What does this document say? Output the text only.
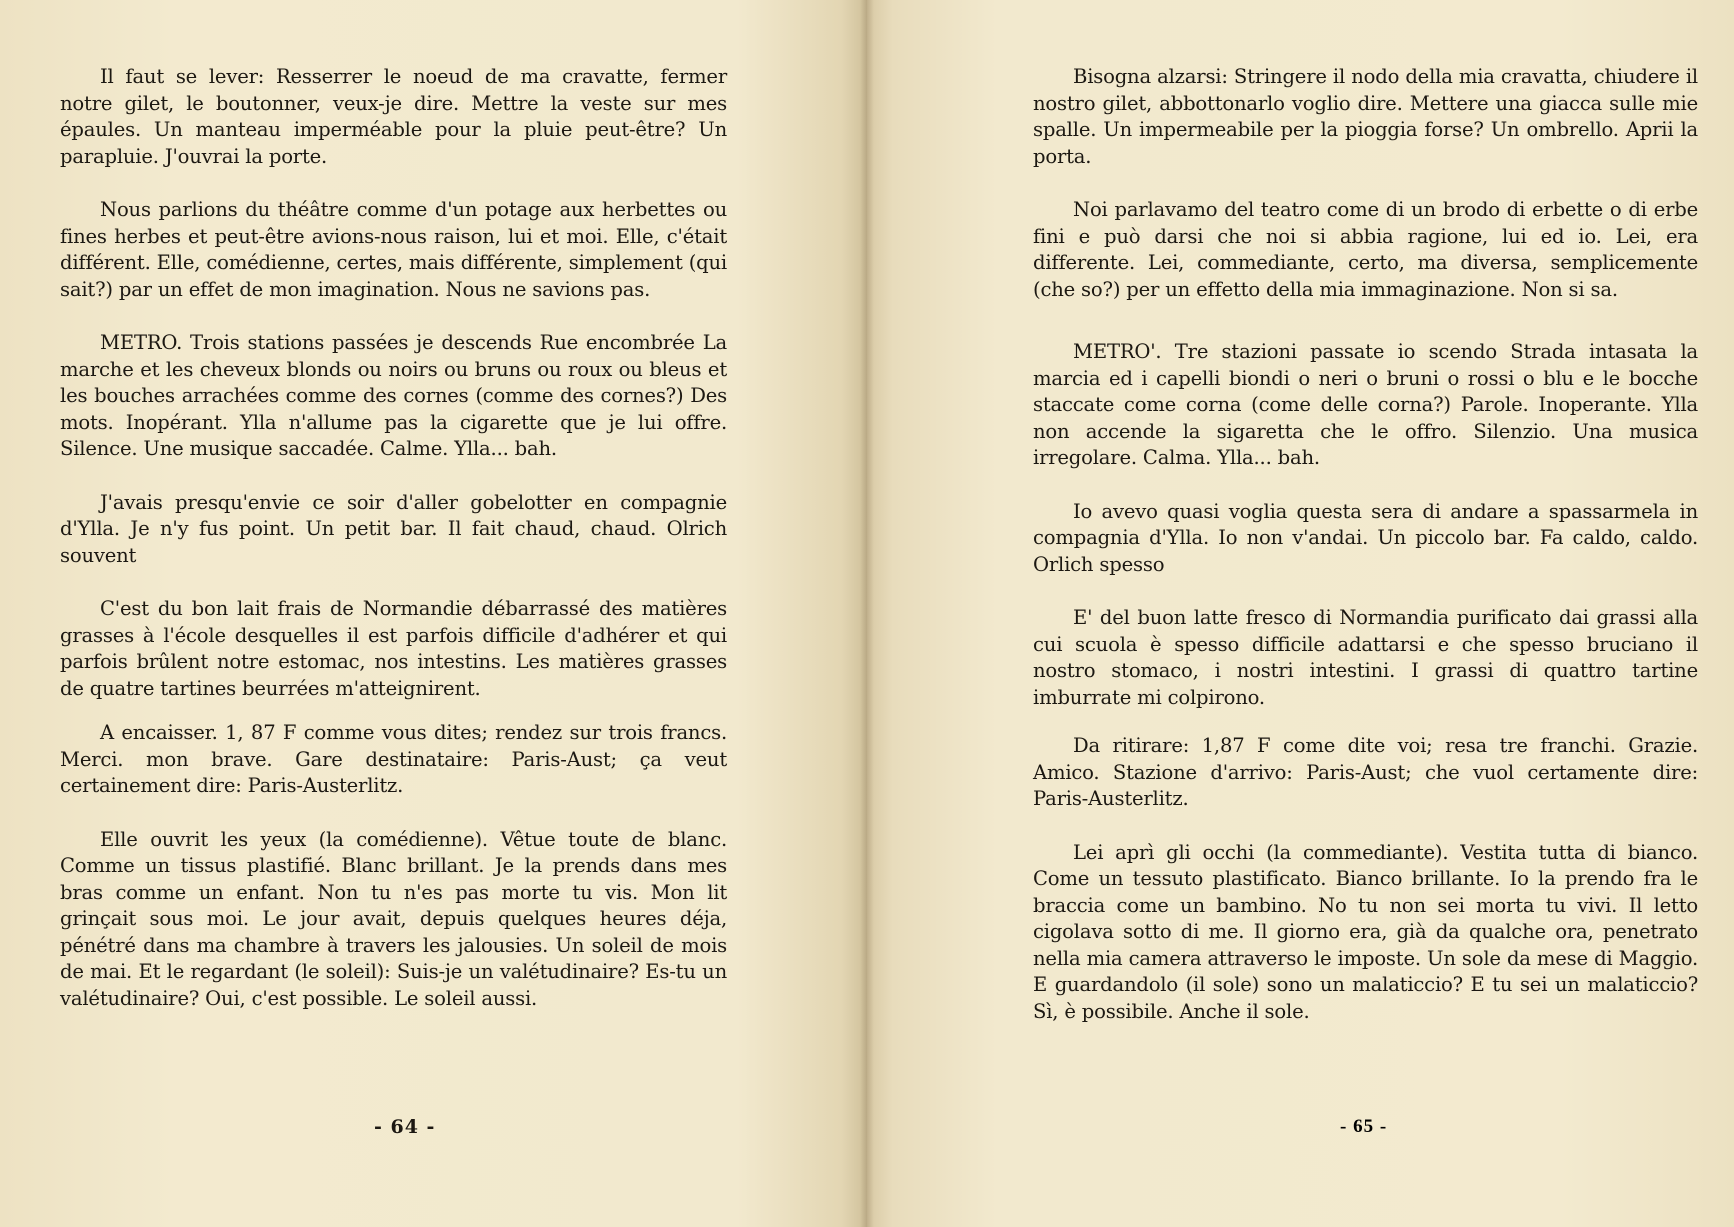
Il faut se lever: Resserrer le noeud de ma cravatte, fermer notre gilet, le boutonner, veux-je dire. Mettre la veste sur mes épaules. Un manteau imperméable pour la pluie peut-être? Un parapluie. J'ouvrai la porte.

Nous parlions du théâtre comme d'un potage aux herbettes ou fines herbes et peut-être avions-nous raison, lui et moi. Elle, c'était différent. Elle, comédienne, certes, mais différente, simplement (qui sait?) par un effet de mon imagination. Nous ne savions pas.

METRO. Trois stations passées je descends Rue encombrée La marche et les cheveux blonds ou noirs ou bruns ou roux ou bleus et les bouches arrachées comme des cornes (comme des cornes?) Des mots. Inopérant. Ylla n'allume pas la cigarette que je lui offre. Silence. Une musique saccadée. Calme. Ylla... bah.

J'avais presqu'envie ce soir d'aller gobelotter en compagnie d'Ylla. Je n'y fus point. Un petit bar. Il fait chaud, chaud. Olrich souvent

C'est du bon lait frais de Normandie débarrassé des matières grasses à l'école desquelles il est parfois difficile d'adhérer et qui parfois brûlent notre estomac, nos intestins. Les matières grasses de quatre tartines beurrées m'atteignirent.

A encaisser. 1, 87 F comme vous dites; rendez sur trois francs. Merci. mon brave. Gare destinataire: Paris-Aust; ça veut certainement dire: Paris-Austerlitz.

Elle ouvrit les yeux (la comédienne). Vêtue toute de blanc. Comme un tissus plastifié. Blanc brillant. Je la prends dans mes bras comme un enfant. Non tu n'es pas morte tu vis. Mon lit grinçait sous moi. Le jour avait, depuis quelques heures déja, pénétré dans ma chambre à travers les jalousies. Un soleil de mois de mai. Et le regardant (le soleil): Suis-je un valétudinaire? Es-tu un valétudinaire? Oui, c'est possible. Le soleil aussi.

- 64 -

Bisogna alzarsi: Stringere il nodo della mia cravatta, chiudere il nostro gilet, abbottonarlo voglio dire. Mettere una giacca sulle mie spalle. Un impermeabile per la pioggia forse? Un ombrello. Aprii la porta.

Noi parlavamo del teatro come di un brodo di erbette o di erbe fini e può darsi che noi si abbia ragione, lui ed io. Lei, era differente. Lei, commediante, certo, ma diversa, semplicemente (che so?) per un effetto della mia immaginazione. Non si sa.

METRO'. Tre stazioni passate io scendo Strada intasata la marcia ed i capelli biondi o neri o bruni o rossi o blu e le bocche staccate come corna (come delle corna?) Parole. Inoperante. Ylla non accende la sigaretta che le offro. Silenzio. Una musica irregolare. Calma. Ylla... bah.

Io avevo quasi voglia questa sera di andare a spassarmela in compagnia d'Ylla. Io non v'andai. Un piccolo bar. Fa caldo, caldo. Orlich spesso

E' del buon latte fresco di Normandia purificato dai grassi alla cui scuola è spesso difficile adattarsi e che spesso bruciano il nostro stomaco, i nostri intestini. I grassi di quattro tartine imburrate mi colpirono.

Da ritirare: 1,87 F come dite voi; resa tre franchi. Grazie. Amico. Stazione d'arrivo: Paris-Aust; che vuol certamente dire: Paris-Austerlitz.

Lei aprì gli occhi (la commediante). Vestita tutta di bianco. Come un tessuto plastificato. Bianco brillante. Io la prendo fra le braccia come un bambino. No tu non sei morta tu vivi. Il letto cigolava sotto di me. Il giorno era, già da qualche ora, penetrato nella mia camera attraverso le imposte. Un sole da mese di Maggio. E guardandolo (il sole) sono un malaticcio? E tu sei un malaticcio? Sì, è possibile. Anche il sole.

- 65 -
